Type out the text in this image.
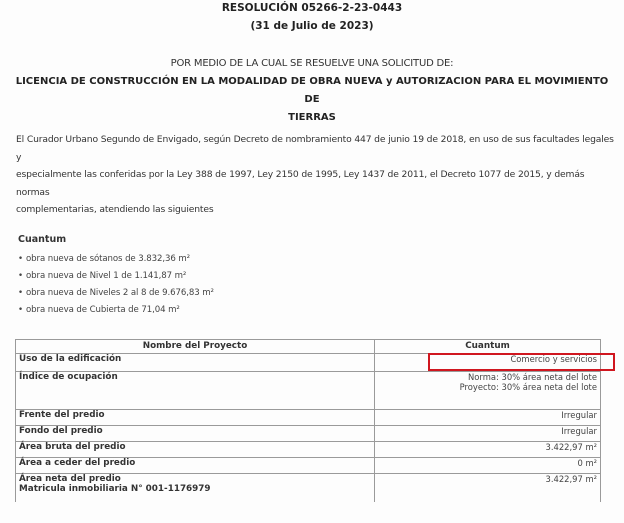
RESOLUCIÓN 05266-2-23-0443
(31 de Julio de 2023)
POR MEDIO DE LA CUAL SE RESUELVE UNA SOLICITUD DE:
LICENCIA DE CONSTRUCCIÓN EN LA MODALIDAD DE OBRA NUEVA y AUTORIZACION PARA EL MOVIMIENTO DE
TIERRAS
El Curador Urbano Segundo de Envigado, según Decreto de nombramiento 447 de junio 19 de 2018, en uso de sus facultades legales y
especialmente las conferidas por la Ley 388 de 1997, Ley 2150 de 1995, Ley 1437 de 2011, el Decreto 1077 de 2015, y demás normas
complementarias, atendiendo las siguientes
Cuantum
• obra nueva de sótanos de 3.832,36 m²
• obra nueva de Nivel 1 de 1.141,87 m²
• obra nueva de Niveles 2 al 8 de 9.676,83 m²
• obra nueva de Cubierta de 71,04 m²
Nombre del Proyecto	Cuantum
Uso de la edificación	Comercio y servicios
Índice de ocupación	Norma: 30% área neta del lote
Proyecto: 30% área neta del lote

Frente del predio	Irregular
Fondo del predio	Irregular
Área bruta del predio	3.422,97 m²
Área a ceder del predio	0 m²

Área neta del predio
Matricula inmobiliaria N° 001-1176979	3.422,97 m²
